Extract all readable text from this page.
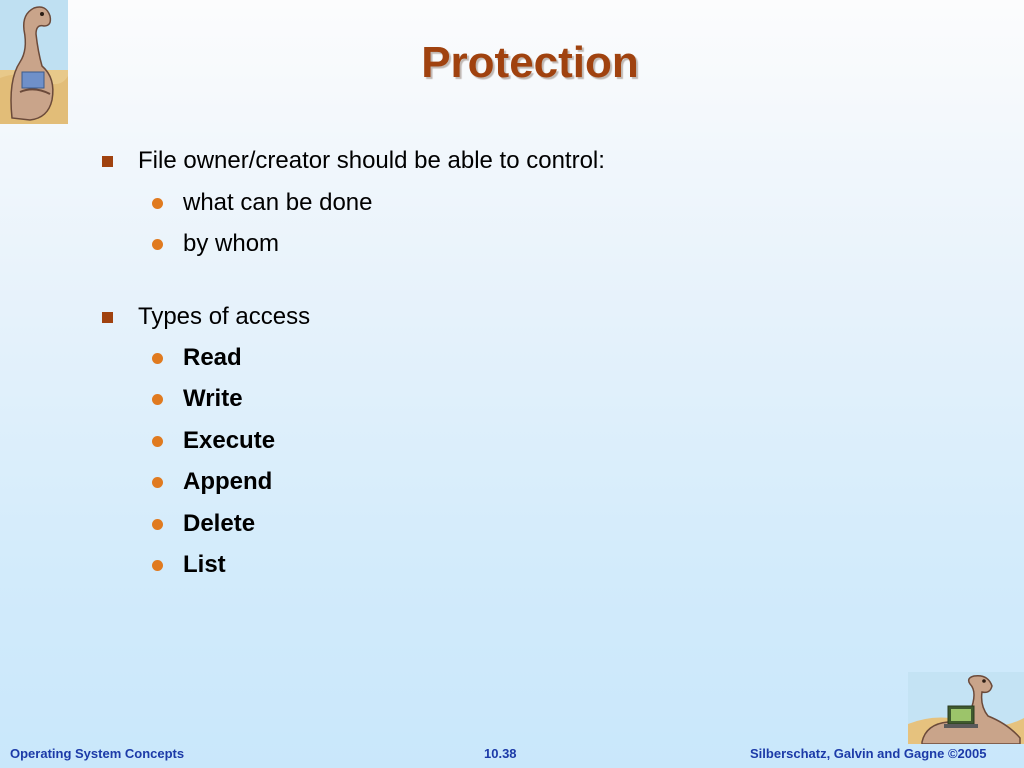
Protection
File owner/creator should be able to control:
what can be done
by whom
Types of access
Read
Write
Execute
Append
Delete
List
Operating System Concepts	10.38	Silberschatz, Galvin and Gagne ©2005
